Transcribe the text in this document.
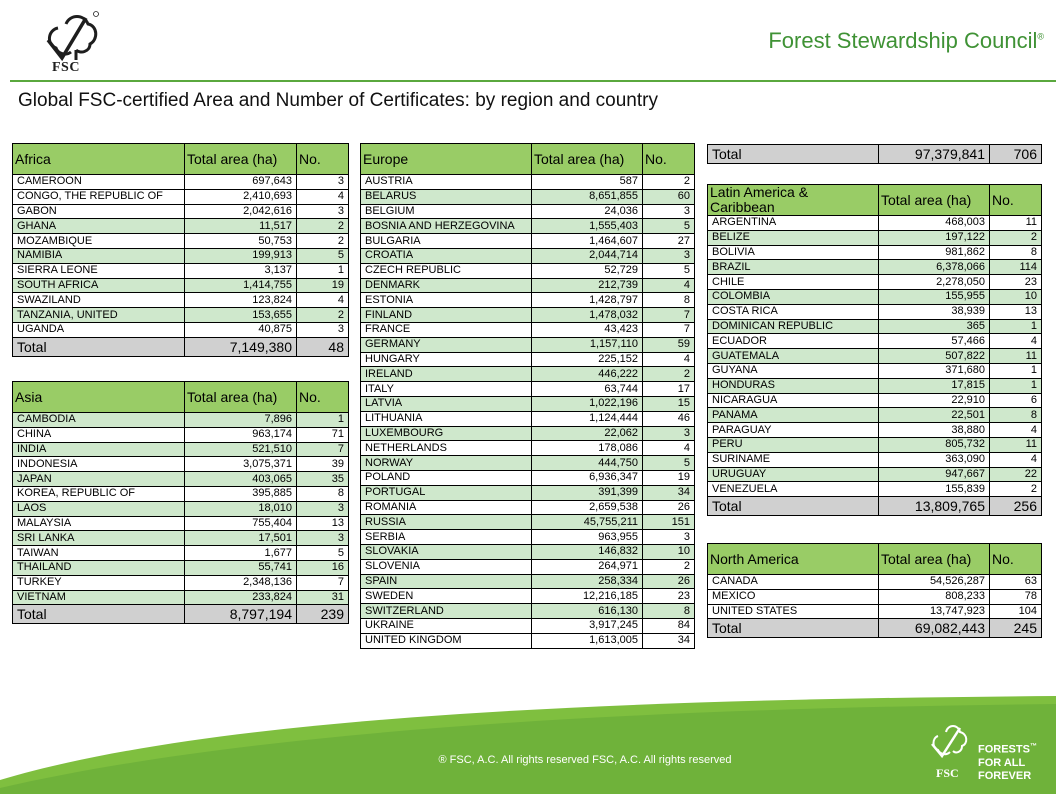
FSC
Forest Stewardship Council®
Global FSC-certified Area and Number of Certificates: by region and country
Total	97,379,841	706
Africa	Total area (ha)	No.
CAMEROON	697,643	3
CONGO, THE REPUBLIC OF	2,410,693	4
GABON	2,042,616	3
GHANA	11,517	2
MOZAMBIQUE	50,753	2
NAMIBIA	199,913	5
SIERRA LEONE	3,137	1
SOUTH AFRICA	1,414,755	19
SWAZILAND	123,824	4
TANZANIA, UNITED	153,655	2
UGANDA	40,875	3
Total	7,149,380	48
Asia	Total area (ha)	No.
CAMBODIA	7,896	1
CHINA	963,174	71
INDIA	521,510	7
INDONESIA	3,075,371	39
JAPAN	403,065	35
KOREA, REPUBLIC OF	395,885	8
LAOS	18,010	3
MALAYSIA	755,404	13
SRI LANKA	17,501	3
TAIWAN	1,677	5
THAILAND	55,741	16
TURKEY	2,348,136	7
VIETNAM	233,824	31
Total	8,797,194	239
Europe	Total area (ha)	No.
AUSTRIA	587	2
BELARUS	8,651,855	60
BELGIUM	24,036	3
BOSNIA AND HERZEGOVINA	1,555,403	5
BULGARIA	1,464,607	27
CROATIA	2,044,714	3
CZECH REPUBLIC	52,729	5
DENMARK	212,739	4
ESTONIA	1,428,797	8
FINLAND	1,478,032	7
FRANCE	43,423	7
GERMANY	1,157,110	59
HUNGARY	225,152	4
IRELAND	446,222	2
ITALY	63,744	17
LATVIA	1,022,196	15
LITHUANIA	1,124,444	46
LUXEMBOURG	22,062	3
NETHERLANDS	178,086	4
NORWAY	444,750	5
POLAND	6,936,347	19
PORTUGAL	391,399	34
ROMANIA	2,659,538	26
RUSSIA	45,755,211	151
SERBIA	963,955	3
SLOVAKIA	146,832	10
SLOVENIA	264,971	2
SPAIN	258,334	26
SWEDEN	12,216,185	23
SWITZERLAND	616,130	8
UKRAINE	3,917,245	84
UNITED KINGDOM	1,613,005	34
Latin America & Caribbean	Total area (ha)	No.
ARGENTINA	468,003	11
BELIZE	197,122	2
BOLIVIA	981,862	8
BRAZIL	6,378,066	114
CHILE	2,278,050	23
COLOMBIA	155,955	10
COSTA RICA	38,939	13
DOMINICAN REPUBLIC	365	1
ECUADOR	57,466	4
GUATEMALA	507,822	11
GUYANA	371,680	1
HONDURAS	17,815	1
NICARAGUA	22,910	6
PANAMA	22,501	8
PARAGUAY	38,880	4
PERU	805,732	11
SURINAME	363,090	4
URUGUAY	947,667	22
VENEZUELA	155,839	2
Total	13,809,765	256
North America	Total area (ha)	No.
CANADA	54,526,287	63
MEXICO	808,233	78
UNITED STATES	13,747,923	104
Total	69,082,443	245
® FSC, A.C. All rights reserved FSC, A.C. All rights reserved
FORESTS™
FOR ALL
FOREVER
FSC
